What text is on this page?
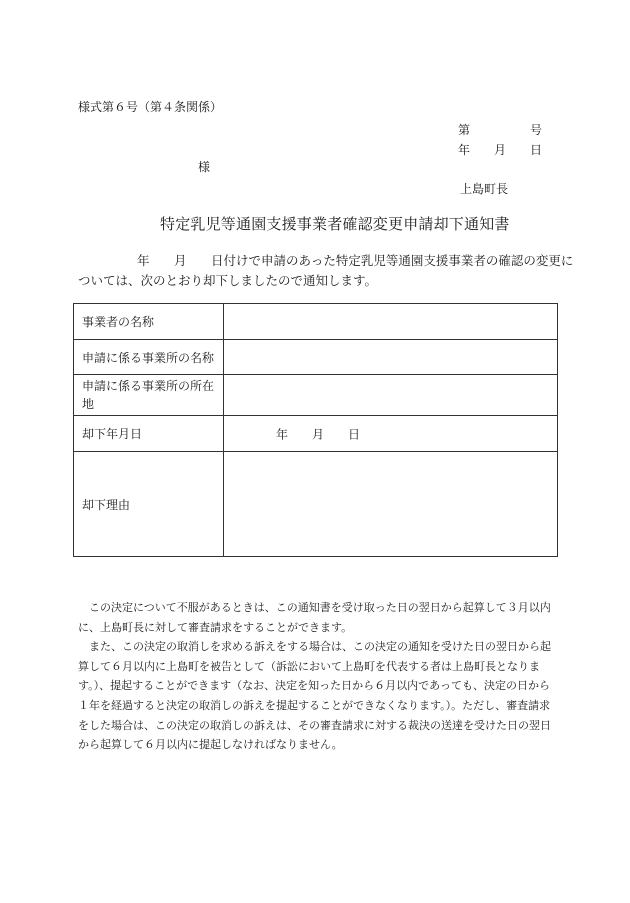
様式第６号（第４条関係）
第	号
年 月 日
様
上島町長
特定乳児等通園支援事業者確認変更申請却下通知書
年 月 日付けで申請のあった特定乳児等通園支援事業者の確認の変更に
ついては、次のとおり却下しましたので通知します。
事業者の名称	
申請に係る事業所の名称	
申請に係る事業所の所在
地	
却下年月日	年 月 日

却下理由	

この決定について不服があるときは、この通知書を受け取った日の翌日から起算して３月以内に、上島町長に対して審査請求をすることができます。

また、この決定の取消しを求める訴えをする場合は、この決定の通知を受けた日の翌日から起算して６月以内に上島町を被告として（訴訟において上島町を代表する者は上島町長となります。）、提起することができます（なお、決定を知った日から６月以内であっても、決定の日から１年を経過すると決定の取消しの訴えを提起することができなくなります。）。ただし、審査請求をした場合は、この決定の取消しの訴えは、その審査請求に対する裁決の送達を受けた日の翌日から起算して６月以内に提起しなければなりません。
